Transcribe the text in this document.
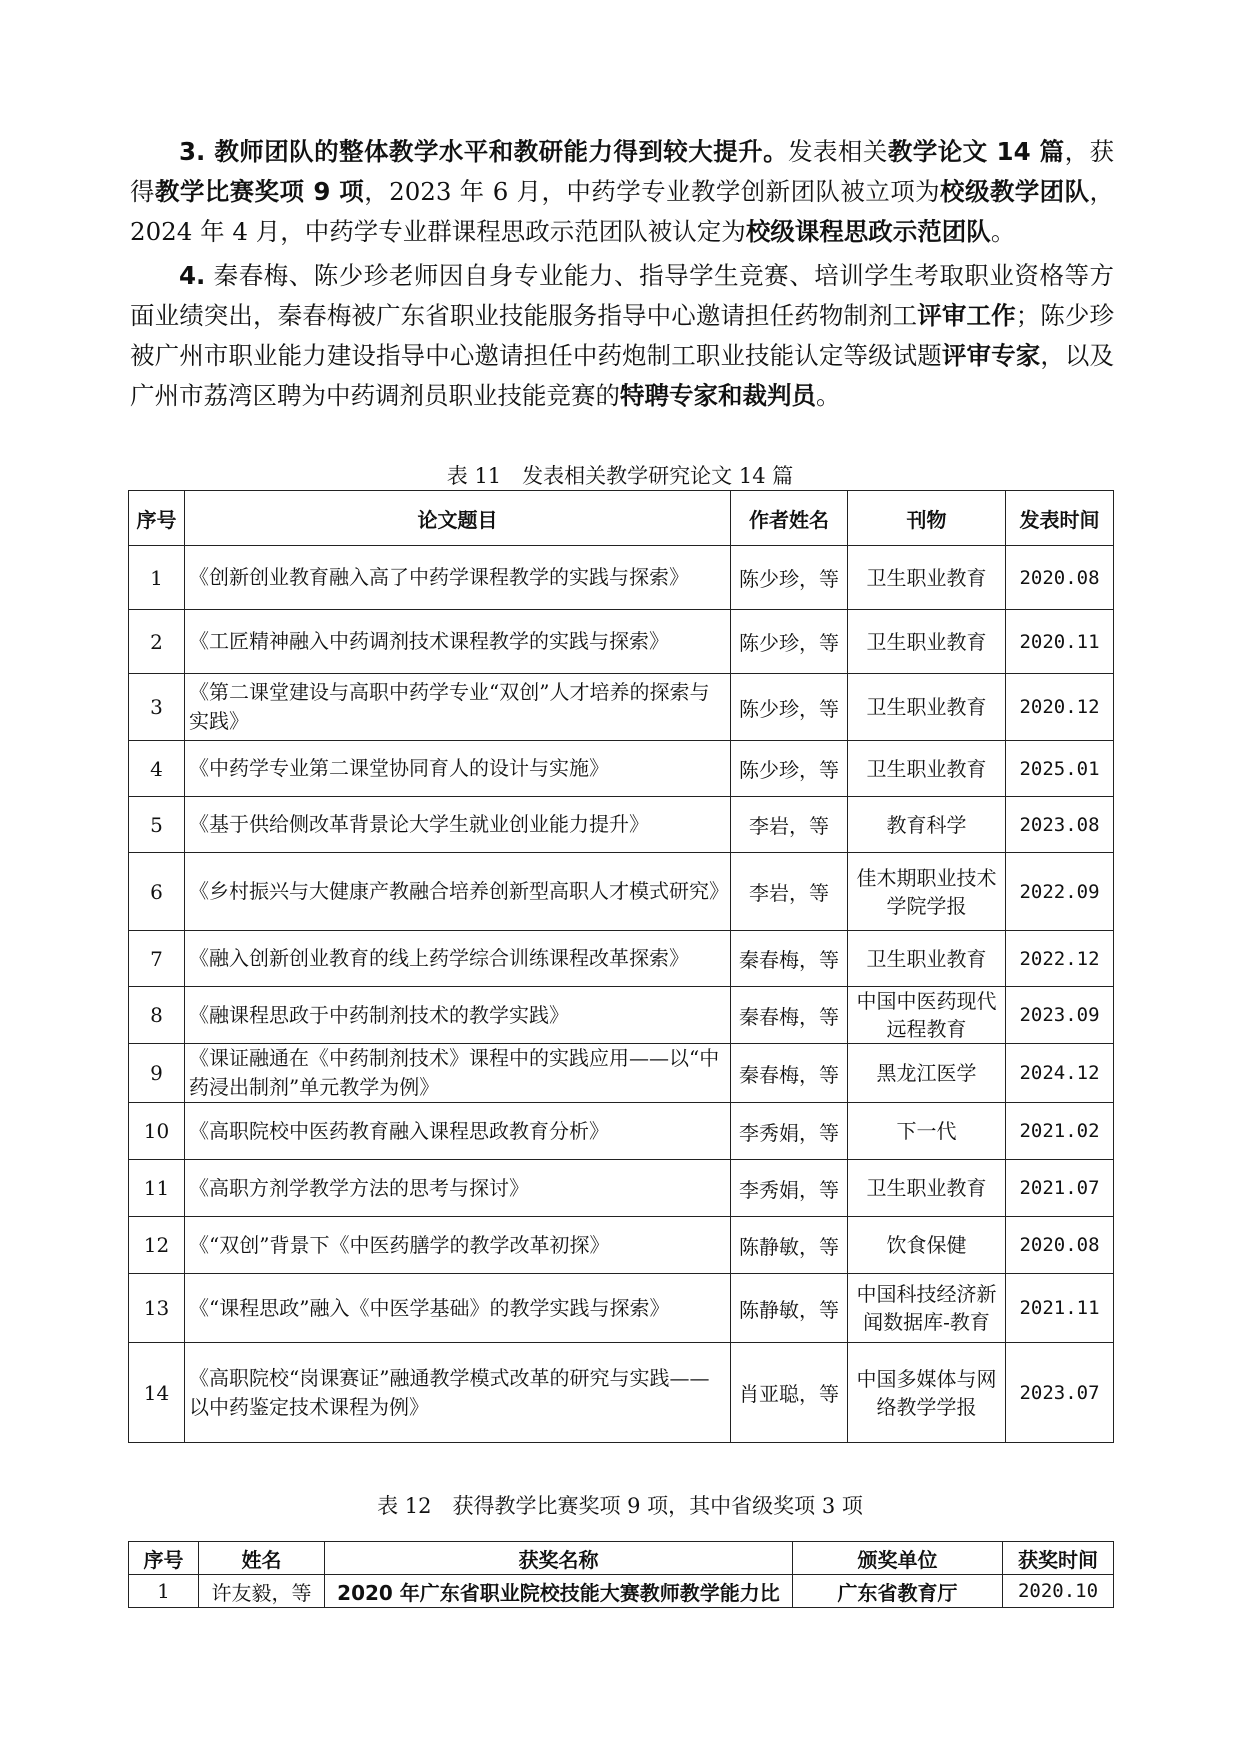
3. 教师团队的整体教学水平和教研能力得到较大提升。发表相关教学论文 14 篇，获得教学比赛奖项 9 项，2023 年 6 月，中药学专业教学创新团队被立项为校级教学团队，2024 年 4 月，中药学专业群课程思政示范团队被认定为校级课程思政示范团队。

4. 秦春梅、陈少珍老师因自身专业能力、指导学生竞赛、培训学生考取职业资格等方面业绩突出，秦春梅被广东省职业技能服务指导中心邀请担任药物制剂工评审工作；陈少珍被广州市职业能力建设指导中心邀请担任中药炮制工职业技能认定等级试题评审专家，以及广州市荔湾区聘为中药调剂员职业技能竞赛的特聘专家和裁判员。

表 11　发表相关教学研究论文 14 篇
序号	论文题目	作者姓名	刊物	发表时间
1	《创新创业教育融入高了中药学课程教学的实践与探索》	陈少珍，等	卫生职业教育	2020.08
2	《工匠精神融入中药调剂技术课程教学的实践与探索》	陈少珍，等	卫生职业教育	2020.11
3	《第二课堂建设与高职中药学专业“双创”人才培养的探索与实践》	陈少珍，等	卫生职业教育	2020.12
4	《中药学专业第二课堂协同育人的设计与实施》	陈少珍，等	卫生职业教育	2025.01
5	《基于供给侧改革背景论大学生就业创业能力提升》	李岩，等	教育科学	2023.08
6	《乡村振兴与大健康产教融合培养创新型高职人才模式研究》	李岩，等	佳木期职业技术学院学报	2022.09
7	《融入创新创业教育的线上药学综合训练课程改革探索》	秦春梅，等	卫生职业教育	2022.12
8	《融课程思政于中药制剂技术的教学实践》	秦春梅，等	中国中医药现代远程教育	2023.09
9	《课证融通在《中药制剂技术》课程中的实践应用——以“中药浸出制剂”单元教学为例》	秦春梅，等	黑龙江医学	2024.12
10	《高职院校中医药教育融入课程思政教育分析》	李秀娟，等	下一代	2021.02
11	《高职方剂学教学方法的思考与探讨》	李秀娟，等	卫生职业教育	2021.07
12	《“双创”背景下《中医药膳学的教学改革初探》	陈静敏，等	饮食保健	2020.08
13	《“课程思政”融入《中医学基础》的教学实践与探索》	陈静敏，等	中国科技经济新闻数据库-教育	2021.11
14	《高职院校“岗课赛证”融通教学模式改革的研究与实践——以中药鉴定技术课程为例》	肖亚聪，等	中国多媒体与网络教学学报	2023.07
表 12　获得教学比赛奖项 9 项，其中省级奖项 3 项
序号	姓名	获奖名称	颁奖单位	获奖时间
1	许友毅，等	2020 年广东省职业院校技能大赛教师教学能力比	广东省教育厅	2020.10
